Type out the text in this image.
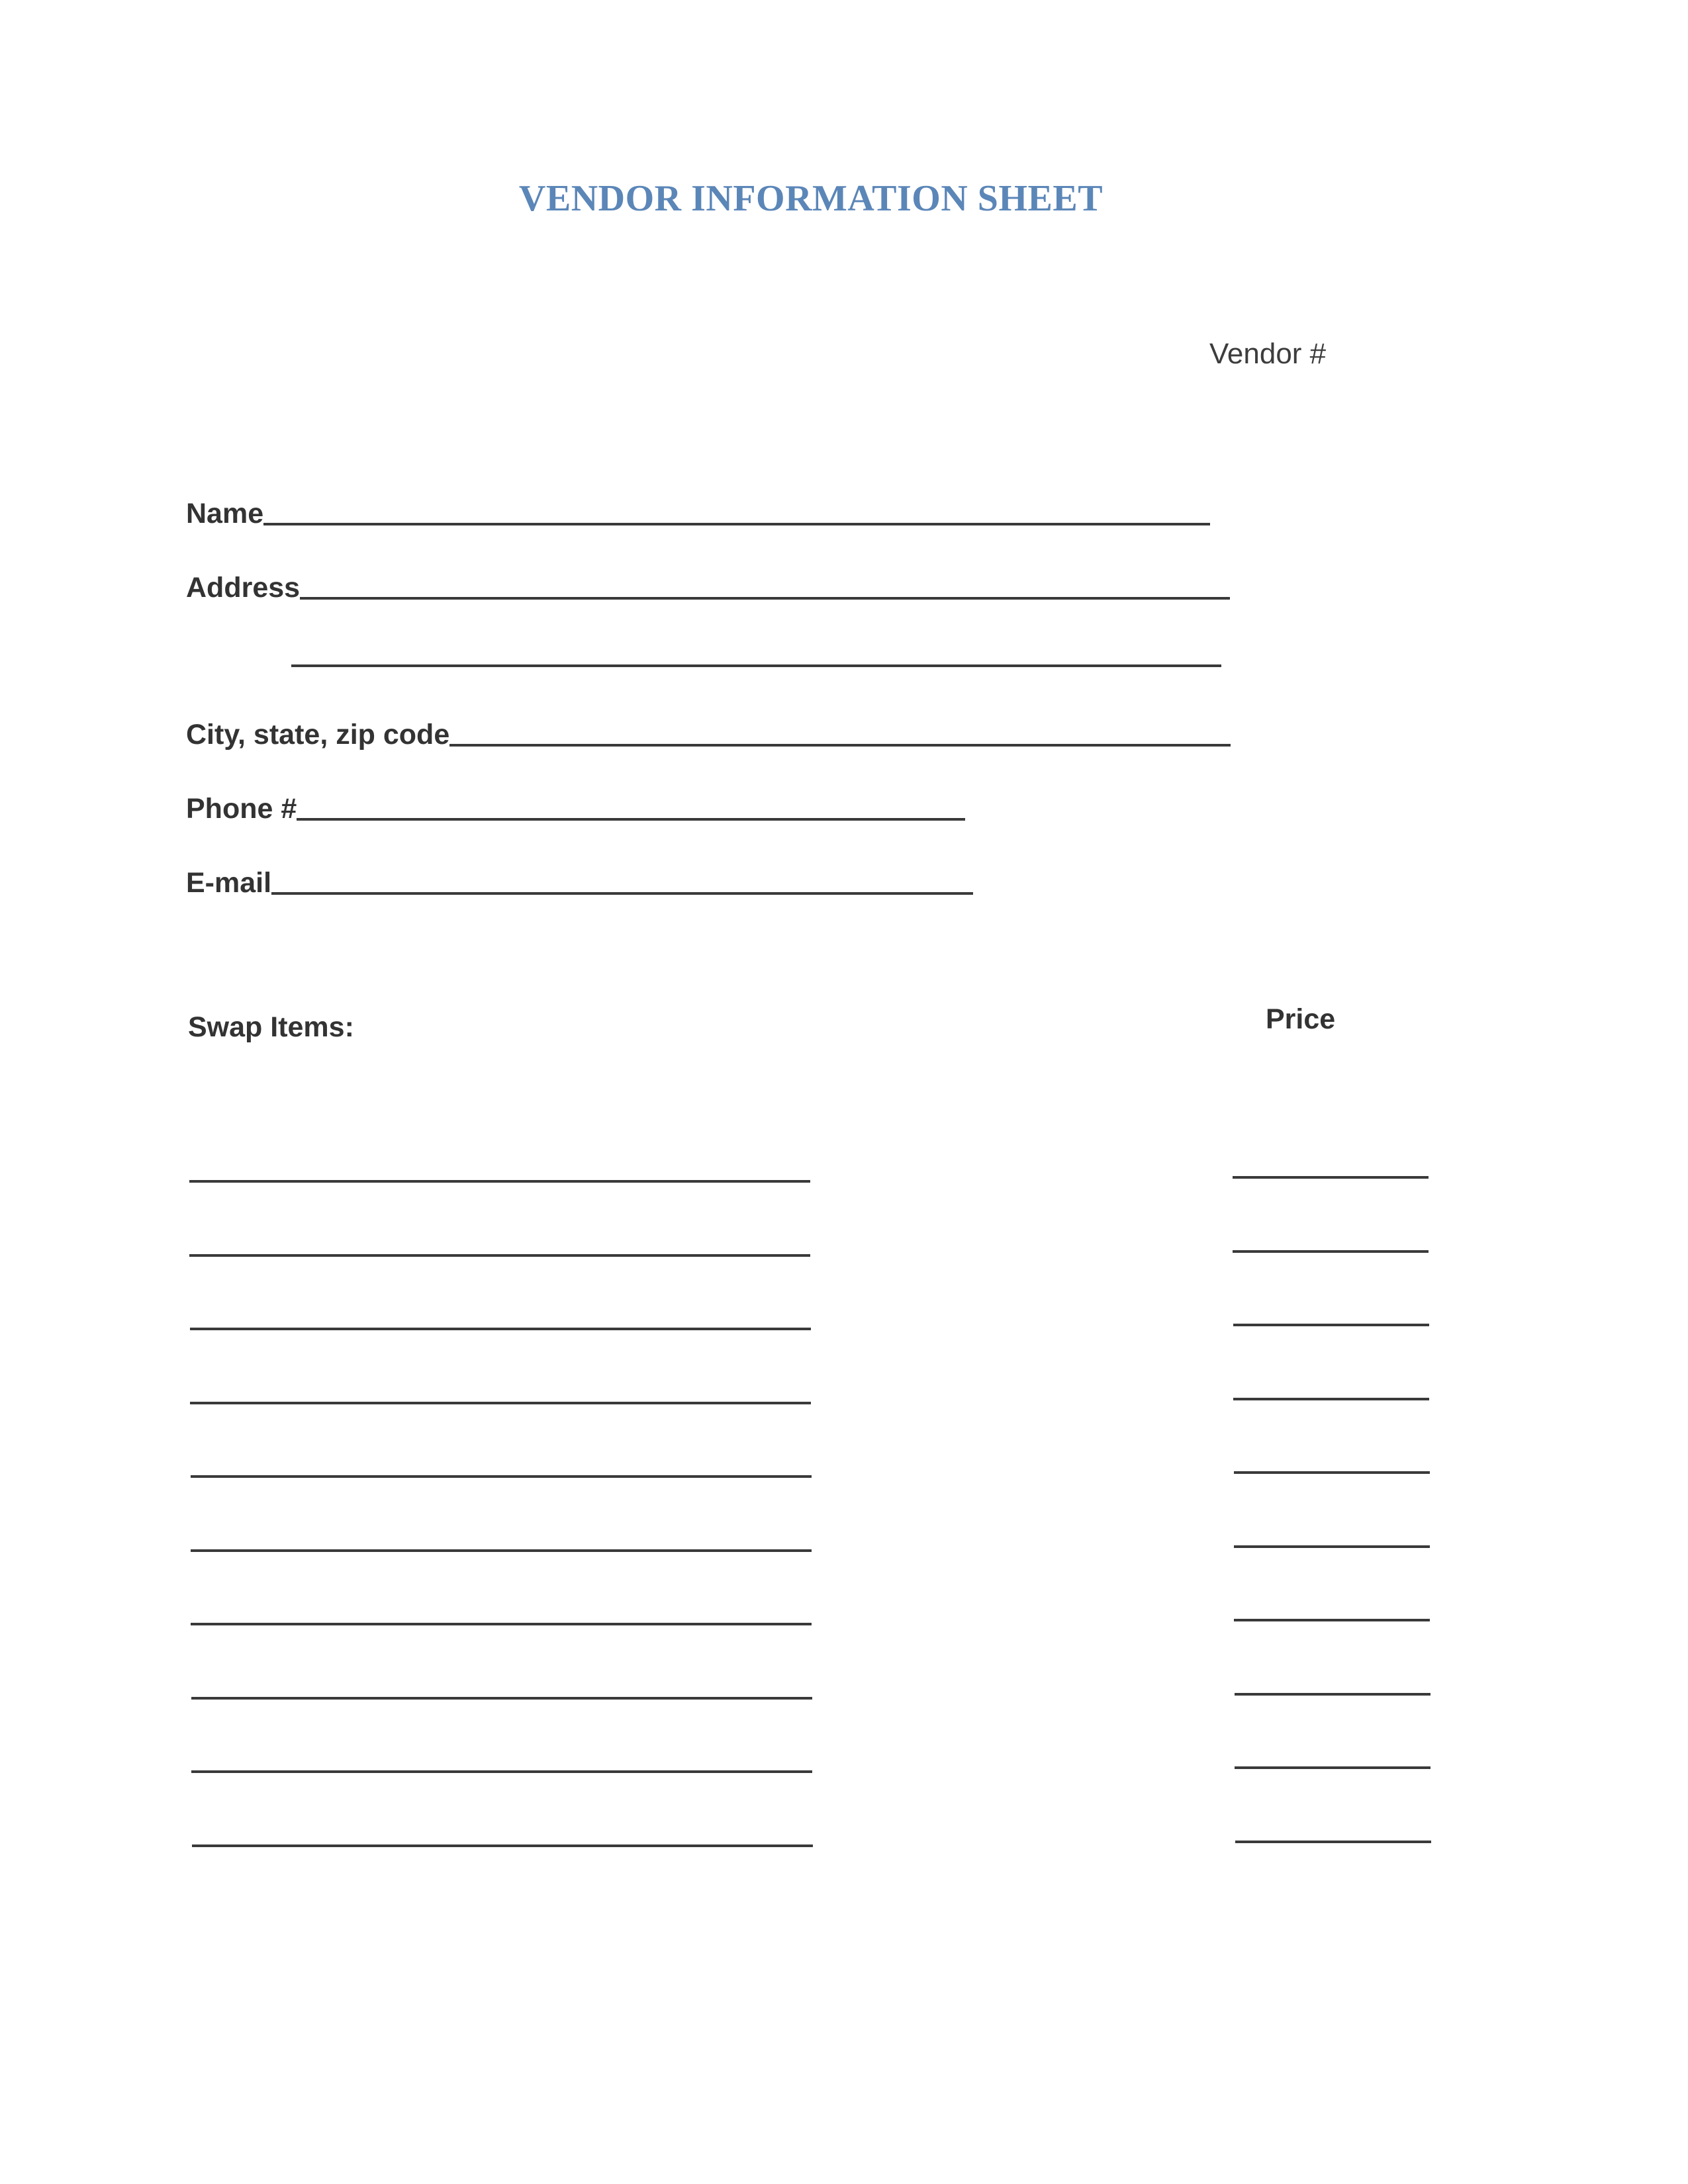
VENDOR INFORMATION SHEET
Vendor #
Name
Address
City, state, zip code
Phone #
E-mail
Swap Items:	Price
